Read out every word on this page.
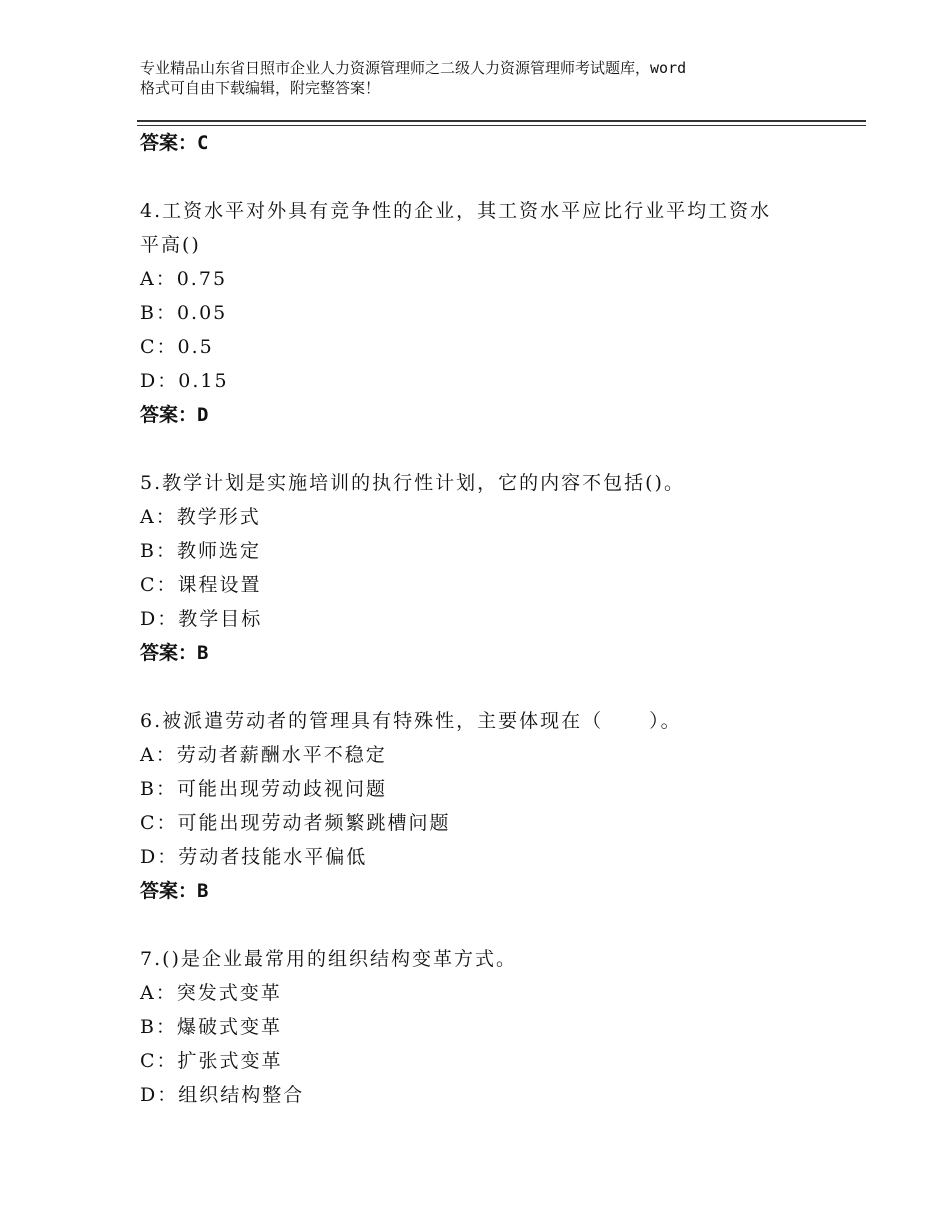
专业精品山东省日照市企业人力资源管理师之二级人力资源管理师考试题库，word
格式可自由下载编辑，附完整答案！
答案：C
4.工资水平对外具有竞争性的企业，其工资水平应比行业平均工资水
平高()
A：0.75
B：0.05
C：0.5
D：0.15
答案：D
5.教学计划是实施培训的执行性计划，它的内容不包括()。
A：教学形式
B：教师选定
C：课程设置
D：教学目标
答案：B
6.被派遣劳动者的管理具有特殊性，主要体现在（ ）。
A：劳动者薪酬水平不稳定
B：可能出现劳动歧视问题
C：可能出现劳动者频繁跳槽问题
D：劳动者技能水平偏低
答案：B
7.()是企业最常用的组织结构变革方式。
A：突发式变革
B：爆破式变革
C：扩张式变革
D：组织结构整合
